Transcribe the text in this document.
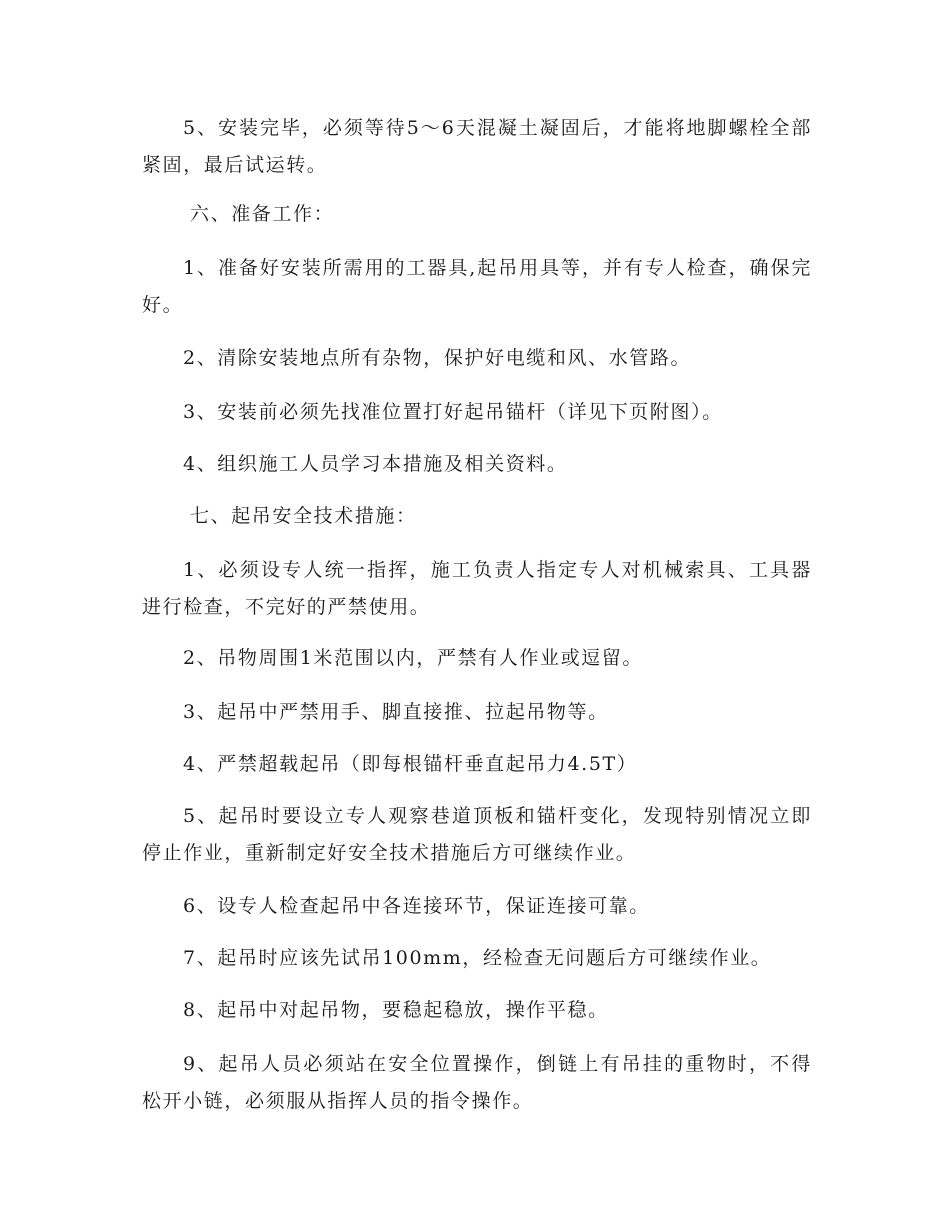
5、安装完毕，必须等待5～6天混凝土凝固后，才能将地脚螺栓全部紧固，最后试运转。

六、准备工作：

1、准备好安装所需用的工器具,起吊用具等，并有专人检查，确保完好。

2、清除安装地点所有杂物，保护好电缆和风、水管路。

3、安装前必须先找准位置打好起吊锚杆（详见下页附图）。

4、组织施工人员学习本措施及相关资料。

七、起吊安全技术措施：

1、必须设专人统一指挥，施工负责人指定专人对机械索具、工具器进行检查，不完好的严禁使用。

2、吊物周围1米范围以内，严禁有人作业或逗留。

3、起吊中严禁用手、脚直接推、拉起吊物等。

4、严禁超载起吊（即每根锚杆垂直起吊力4.5T）

5、起吊时要设立专人观察巷道顶板和锚杆变化，发现特别情况立即停止作业，重新制定好安全技术措施后方可继续作业。

6、设专人检查起吊中各连接环节，保证连接可靠。

7、起吊时应该先试吊100mm，经检查无问题后方可继续作业。

8、起吊中对起吊物，要稳起稳放，操作平稳。

9、起吊人员必须站在安全位置操作，倒链上有吊挂的重物时，不得松开小链，必须服从指挥人员的指令操作。
